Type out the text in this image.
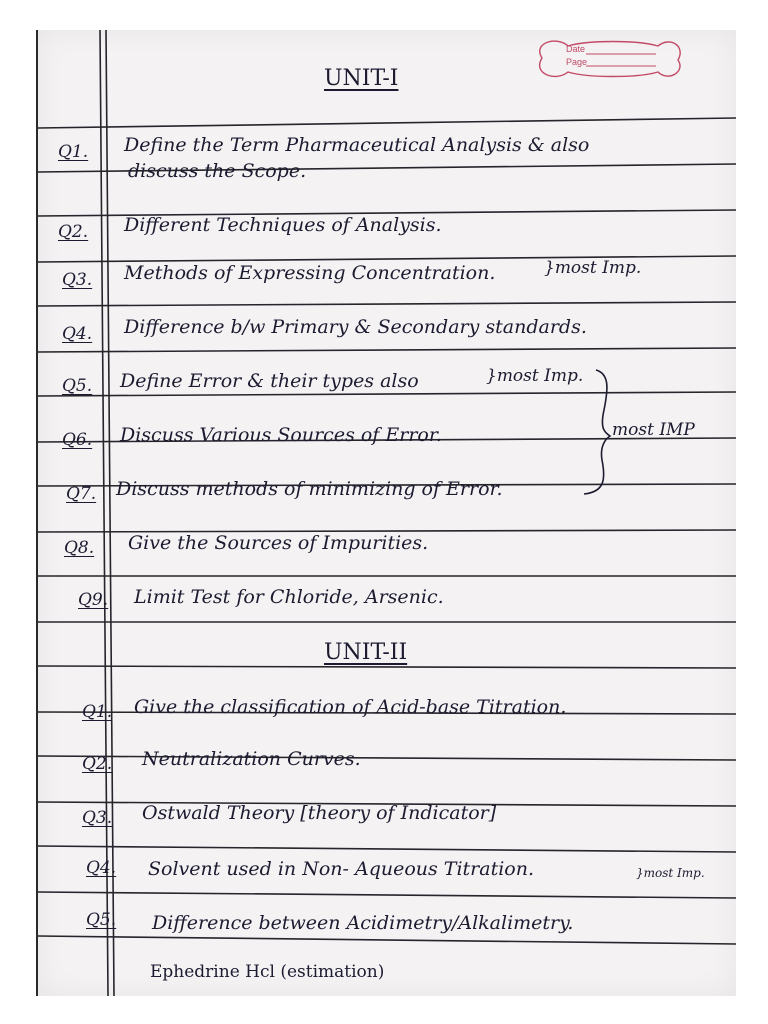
Date
Page
UNIT-I
Q1. Define the Term Pharmaceutical Analysis & also
discuss the Scope.
Q2. Different Techniques of Analysis.
Q3. Methods of Expressing Concentration.	}most Imp.
Q4. Difference b/w Primary & Secondary standards.
Q5. Define Error & their types also	}most Imp.
Q6. Discuss Various Sources of Error.
Q7. Discuss methods of minimizing of Error.
most IMP
Q8. Give the Sources of Impurities.
Q9. Limit Test for Chloride, Arsenic.
UNIT-II
Q1. Give the classification of Acid-base Titration.
Q2. Neutralization Curves.
Q3. Ostwald Theory [theory of Indicator]
Q4. Solvent used in Non- Aqueous Titration.	}most Imp.
Q5. Difference between Acidimetry/Alkalimetry.
Ephedrine Hcl (estimation)
